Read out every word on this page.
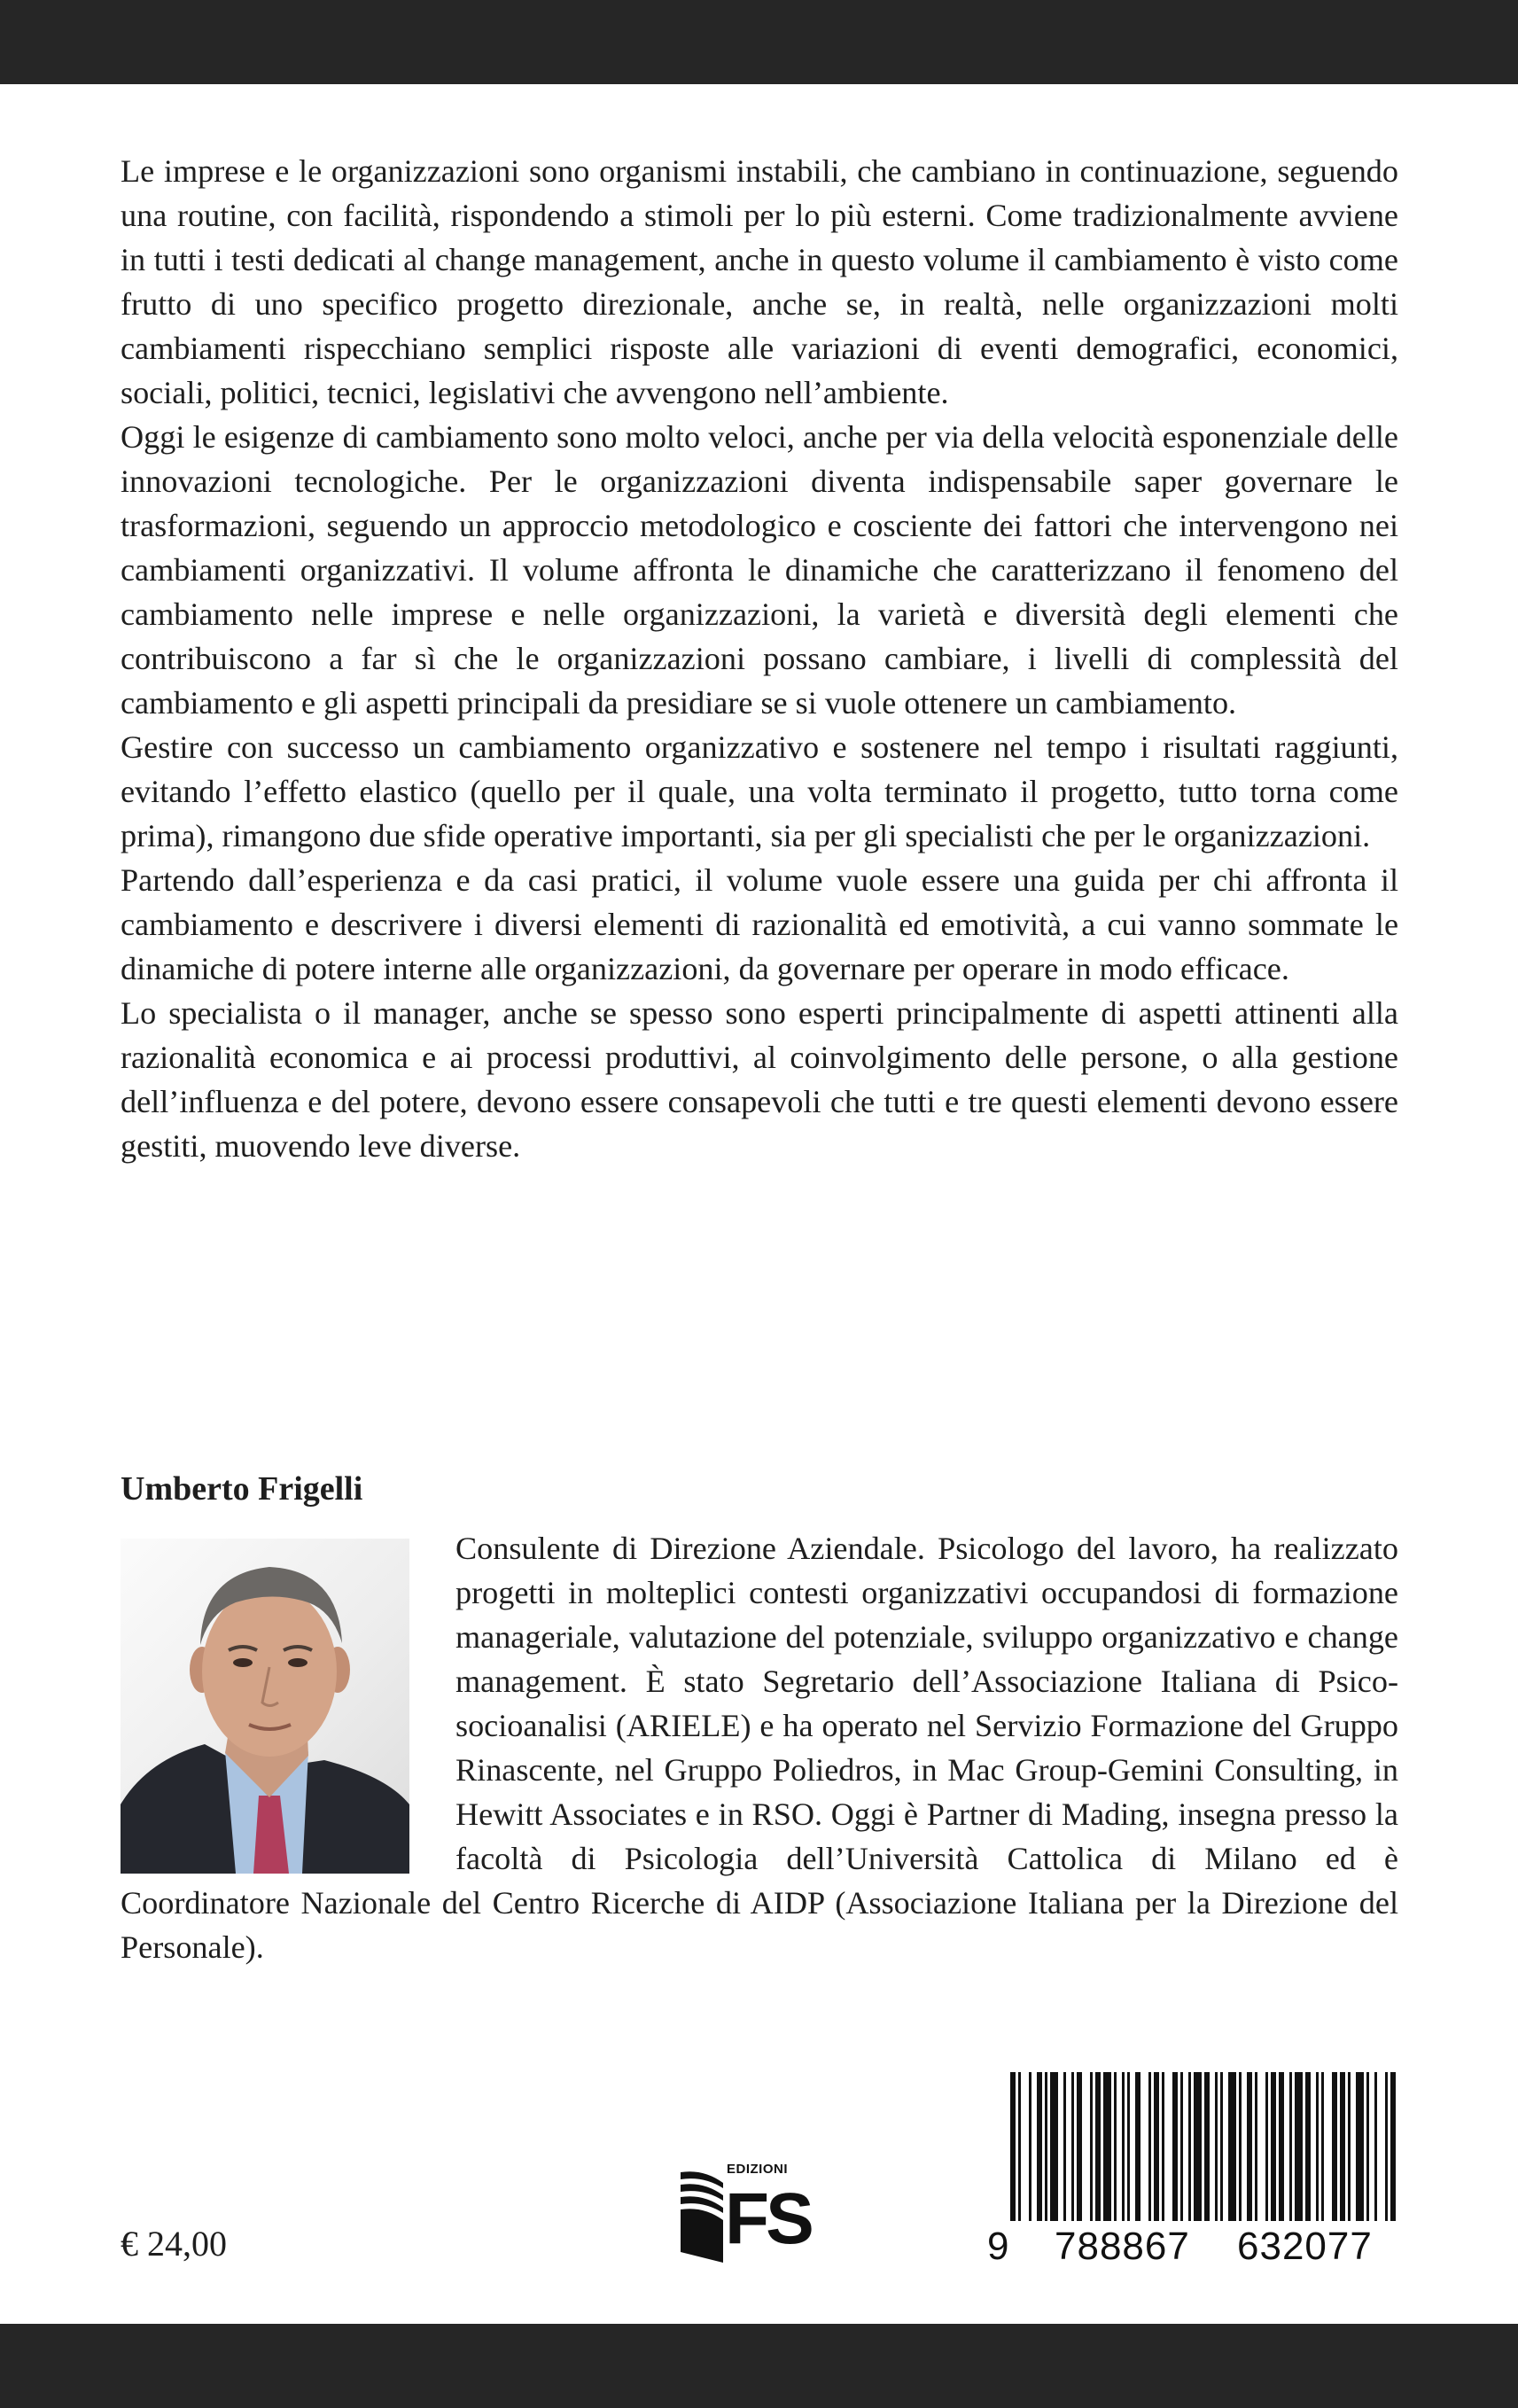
Le imprese e le organizzazioni sono organismi instabili, che cambiano in continuazione, seguendo una routine, con facilità, rispondendo a stimoli per lo più esterni. Come tradizionalmente avviene in tutti i testi dedicati al change management, anche in questo volume il cambiamento è visto come frutto di uno specifico progetto direzionale, anche se, in realtà, nelle organizzazioni molti cambiamenti rispecchiano semplici risposte alle variazioni di eventi demografici, economici, sociali, politici, tecnici, legislativi che avvengono nell’ambiente.

Oggi le esigenze di cambiamento sono molto veloci, anche per via della velocità esponenziale delle innovazioni tecnologiche. Per le organizzazioni diventa indispensabile saper governare le trasformazioni, seguendo un approccio metodologico e cosciente dei fattori che intervengono nei cambiamenti organizzativi. Il volume affronta le dinamiche che caratterizzano il fenomeno del cambiamento nelle imprese e nelle organizzazioni, la varietà e diversità degli elementi che contribuiscono a far sì che le organizzazioni possano cambiare, i livelli di complessità del cambiamento e gli aspetti principali da presidiare se si vuole ottenere un cambiamento.

Gestire con successo un cambiamento organizzativo e sostenere nel tempo i risultati raggiunti, evitando l’effetto elastico (quello per il quale, una volta terminato il progetto, tutto torna come prima), rimangono due sfide operative importanti, sia per gli specialisti che per le organizzazioni.

Partendo dall’esperienza e da casi pratici, il volume vuole essere una guida per chi affronta il cambiamento e descrivere i diversi elementi di razionalità ed emotività, a cui vanno sommate le dinamiche di potere interne alle organizzazioni, da governare per operare in modo efficace.

Lo specialista o il manager, anche se spesso sono esperti principalmente di aspetti attinenti alla razionalità economica e ai processi produttivi, al coinvolgimento delle persone, o alla gestione dell’influenza e del potere, devono essere consapevoli che tutti e tre questi elementi devono essere gestiti, muovendo leve diverse.

Umberto Frigelli
Consulente di Direzione Aziendale. Psicologo del lavoro, ha realizzato progetti in molteplici contesti organizzativi occupandosi di formazione manageriale, valutazione del potenziale, sviluppo organizzativo e change management. È stato Segretario dell’Associazione Italiana di Psico-socioanalisi (ARIELE) e ha operato nel Servizio Formazione del Gruppo Rinascente, nel Gruppo Poliedros, in Mac Group-Gemini Consulting, in Hewitt Associates e in RSO. Oggi è Partner di Mading, insegna presso la facoltà di Psicologia dell’Università Cattolica di Milano ed è Coordinatore Nazionale del Centro Ricerche di AIDP (Associazione Italiana per la Direzione del Personale).
€ 24,00
EDIZIONI
FS	9 788867 632077
